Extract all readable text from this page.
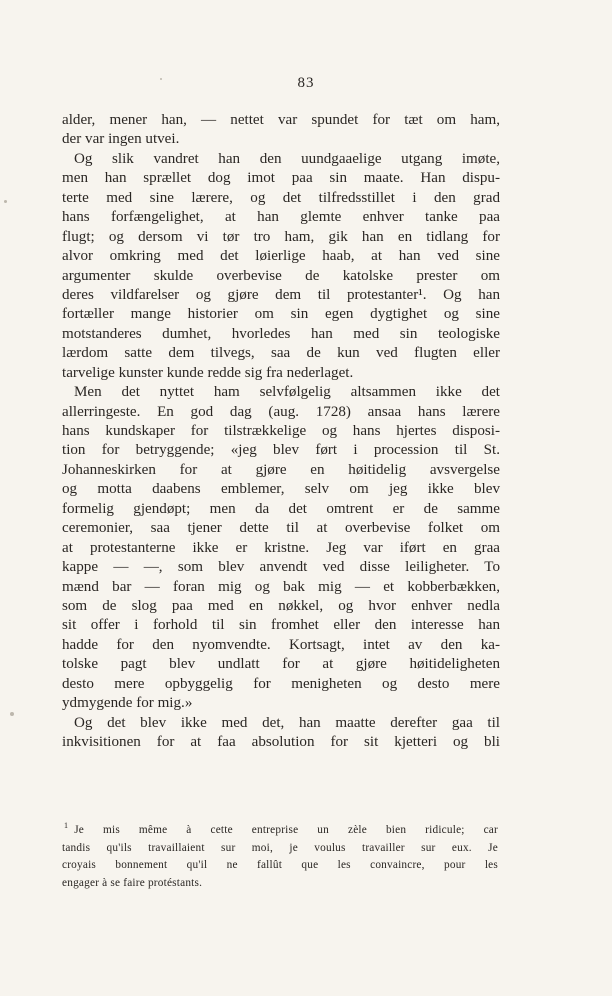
83
alder, mener han, — nettet var spundet for tæt om ham,
der var ingen utvei.
Og slik vandret han den uundgaaelige utgang imøte,
men han sprællet dog imot paa sin maate. Han dispu-
terte med sine lærere, og det tilfredsstillet i den grad
hans forfængelighet, at han glemte enhver tanke paa
flugt; og dersom vi tør tro ham, gik han en tidlang for
alvor omkring med det løierlige haab, at han ved sine
argumenter skulde overbevise de katolske prester om
deres vildfarelser og gjøre dem til protestanter¹. Og han
fortæller mange historier om sin egen dygtighet og sine
motstanderes dumhet, hvorledes han med sin teologiske
lærdom satte dem tilvegs, saa de kun ved flugten eller
tarvelige kunster kunde redde sig fra nederlaget.
Men det nyttet ham selvfølgelig altsammen ikke det
allerringeste. En god dag (aug. 1728) ansaa hans lærere
hans kundskaper for tilstrækkelige og hans hjertes disposi-
tion for betryggende; «jeg blev ført i procession til St.
Johanneskirken for at gjøre en høitidelig avsvergelse
og motta daabens emblemer, selv om jeg ikke blev
formelig gjendøpt; men da det omtrent er de samme
ceremonier, saa tjener dette til at overbevise folket om
at protestanterne ikke er kristne. Jeg var iført en graa
kappe — —, som blev anvendt ved disse leiligheter. To
mænd bar — foran mig og bak mig — et kobberbækken,
som de slog paa med en nøkkel, og hvor enhver nedla
sit offer i forhold til sin fromhet eller den interesse han
hadde for den nyomvendte. Kortsagt, intet av den ka-
tolske pagt blev undlatt for at gjøre høitideligheten
desto mere opbyggelig for menigheten og desto mere
ydmygende for mig.»
Og det blev ikke med det, han maatte derefter gaa til
inkvisitionen for at faa absolution for sit kjetteri og bli
$^1$ Je mis même à cette entreprise un zèle bien ridicule; car
tandis qu'ils travaillaient sur moi, je voulus travailler sur eux. Je
croyais bonnement qu'il ne fallût que les convaincre, pour les
engager à se faire protéstants.
